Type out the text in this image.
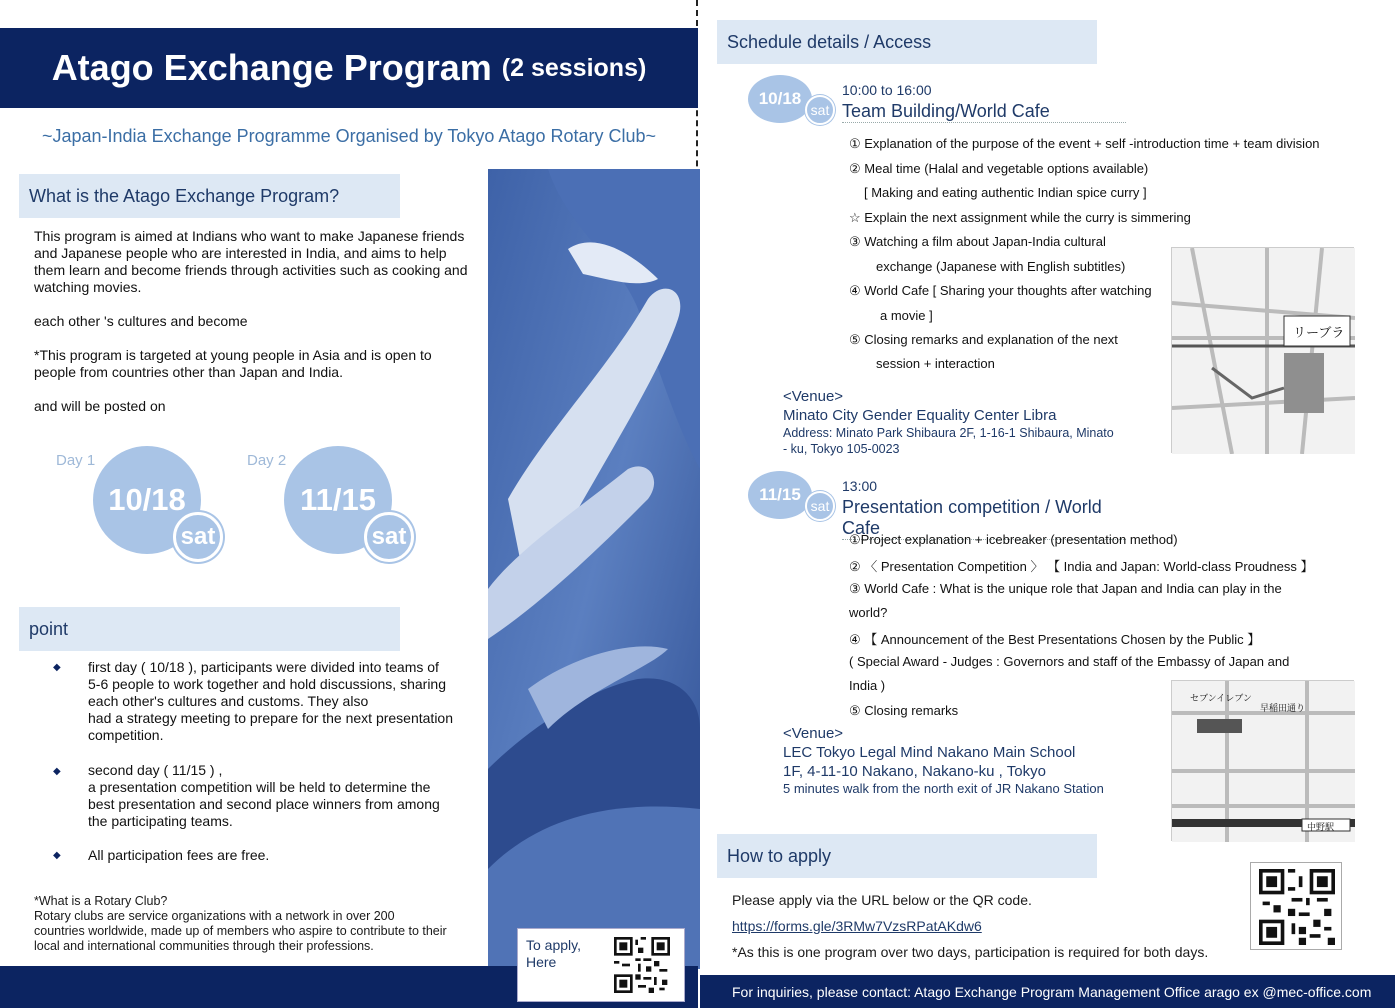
Atago Exchange Program (2 sessions)
~Japan-India Exchange Programme Organised by Tokyo Atago Rotary Club~
What is the Atago Exchange Program?
This program is aimed at Indians who want to make Japanese friends and Japanese people who are interested in India, and aims to help them learn and become friends through activities such as cooking and watching movies.
each other 's cultures and become
*This program is targeted at young people in Asia and is open to people from countries other than Japan and India.
and will be posted on
Day 1
10/18
sat
Day 2
11/15
sat
point
◆ first day ( 10/18 ), participants were divided into teams of
5-6 people to work together and hold discussions, sharing
each other's cultures and customs. They also
had a strategy meeting to prepare for the next presentation
competition.
◆ second day ( 11/15 ) ,
a presentation competition will be held to determine the
best presentation and second place winners from among
the participating teams.
◆ All participation fees are free.
*What is a Rotary Club?
Rotary clubs are service organizations with a network in over 200
countries worldwide, made up of members who aspire to contribute to their
local and international communities through their professions.	To apply,
Here
Schedule details / Access
10/18
sat
10:00 to 16:00
Team Building/World Cafe
① Explanation of the purpose of the event + self -introduction time + team division
② Meal time (Halal and vegetable options available)
[ Making and eating authentic Indian spice curry ]
☆ Explain the next assignment while the curry is simmering
③ Watching a film about Japan-India cultural
exchange (Japanese with English subtitles)
④ World Cafe [ Sharing your thoughts after watching
a movie ]
⑤ Closing remarks and explanation of the next
session + interaction
<Venue>
Minato City Gender Equality Center Libra
Address: Minato Park Shibaura 2F, 1-16-1 Shibaura, Minato
- ku, Tokyo 105-0023
リーブラ
11/15
sat
13:00
Presentation competition / World Cafe
①Project explanation + icebreaker (presentation method)
② 〈 Presentation Competition 〉 【 India and Japan: World-class Proudness 】
③ World Cafe : What is the unique role that Japan and India can play in the
world?
④ 【 Announcement of the Best Presentations Chosen by the Public 】
( Special Award - Judges : Governors and staff of the Embassy of Japan and
India )
⑤ Closing remarks
<Venue>
LEC Tokyo Legal Mind Nakano Main School
1F, 4-11-10 Nakano, Nakano-ku , Tokyo
5 minutes walk from the north exit of JR Nakano Station
セブンイレブン
早稲田通り
中野駅
How to apply
Please apply via the URL below or the QR code.
https://forms.gle/3RMw7VzsRPatAKdw6
*As this is one program over two days, participation is required for both days.
For inquiries, please contact: Atago Exchange Program Management Office arago ex @mec-office.com
